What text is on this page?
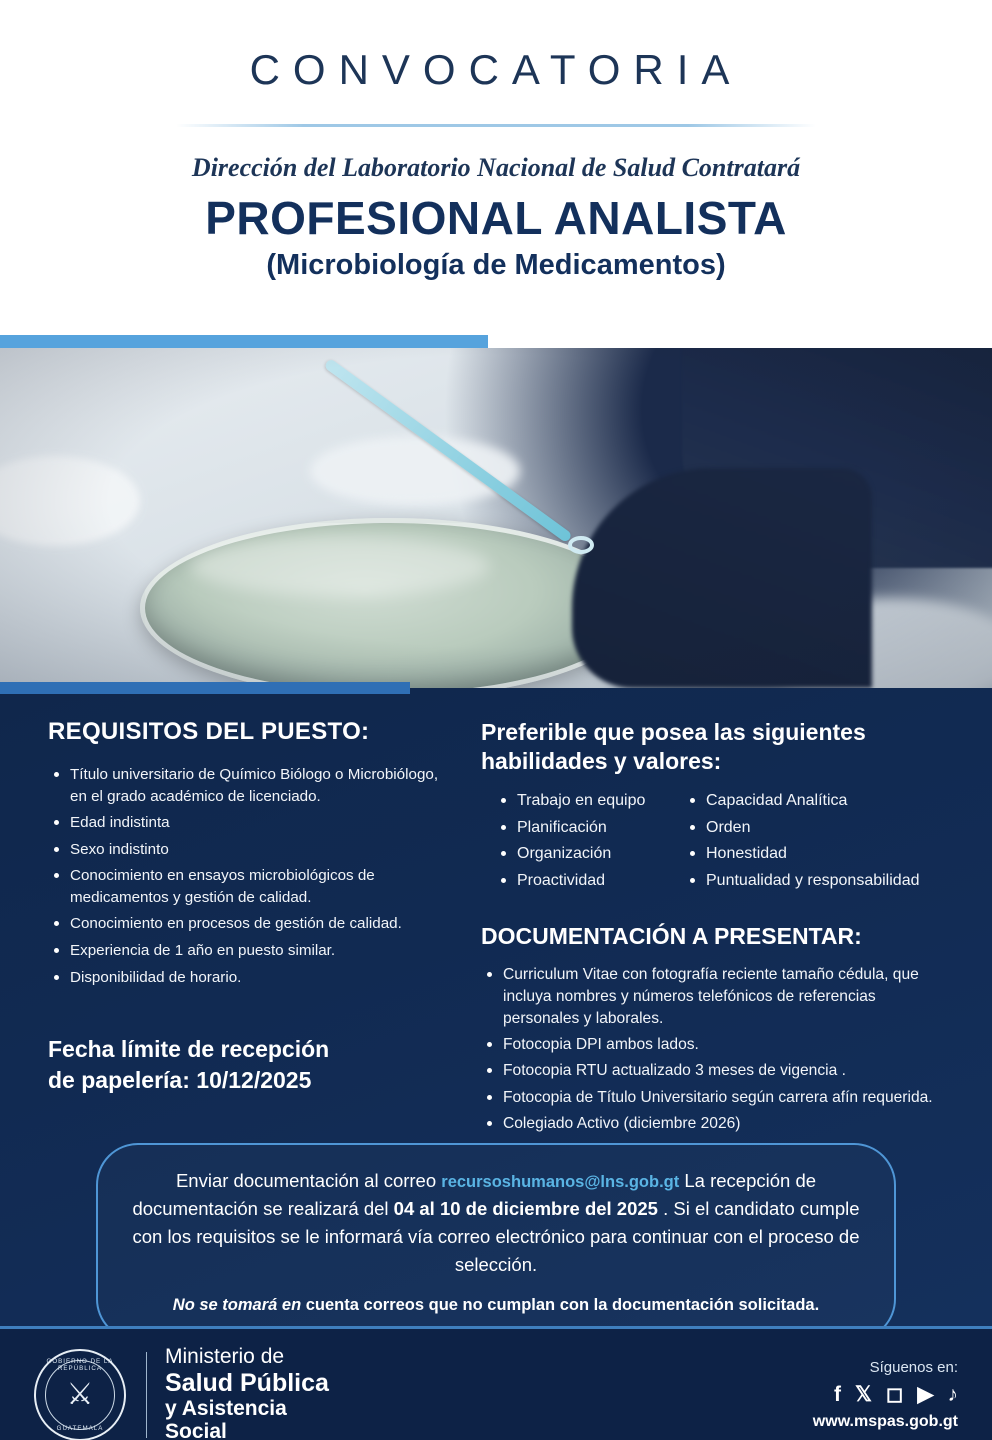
CONVOCATORIA
Dirección del Laboratorio Nacional de Salud Contratará
PROFESIONAL ANALISTA
(Microbiología de Medicamentos)
REQUISITOS DEL PUESTO:
Título universitario de Químico Biólogo o Microbiólogo, en el grado académico de licenciado.
Edad indistinta
Sexo indistinto
Conocimiento en ensayos microbiológicos de medicamentos y gestión de calidad.
Conocimiento en procesos de gestión de calidad.
Experiencia de 1 año en puesto similar.
Disponibilidad de horario.
Fecha límite de recepción
de papelería: 10/12/2025
Preferible que posea las siguientes
habilidades y valores:
Trabajo en equipo
Planificación
Organización
Proactividad
Capacidad Analítica
Orden
Honestidad
Puntualidad y responsabilidad
DOCUMENTACIÓN A PRESENTAR:
Curriculum Vitae con fotografía reciente tamaño cédula, que incluya nombres y números telefónicos de referencias personales y laborales.
Fotocopia DPI ambos lados.
Fotocopia RTU actualizado 3 meses de vigencia .
Fotocopia de Título Universitario según carrera afín requerida.
Colegiado Activo (diciembre 2026)

Enviar documentación al correo recursoshumanos@lns.gob.gt La recepción de documentación se realizará del 04 al 10 de diciembre del 2025 . Si el candidato cumple con los requisitos se le informará vía correo electrónico para continuar con el proceso de selección.

No se tomará en cuenta correos que no cumplan con la documentación solicitada.

GOBIERNO DE LA REPÚBLICA
⚔
GUATEMALA
Ministerio de
Salud Pública
y Asistencia
Social
Síguenos en:
f 𝕏 ◻ ▶ ♪
www.mspas.gob.gt
